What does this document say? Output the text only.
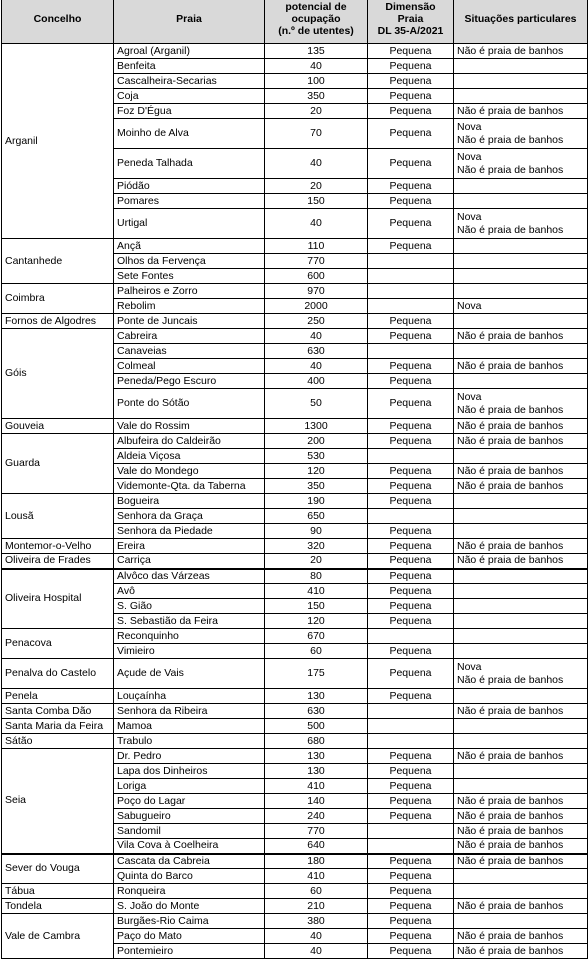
Concelho	Praia	potencial de
ocupação
(n.º de utentes)	Dimensão
Praia
DL 35-A/2021	Situações particulares
Arganil	Agroal (Arganil)	135	Pequena	Não é praia de banhos

	Benfeita	40	Pequena	
	Cascalheira-Secarias	100	Pequena	
	Coja	350	Pequena	
	Foz D'Égua	20	Pequena	Não é praia de banhos

	Moinho de Alva	70	Pequena	Nova
Não é praia de banhos

	Peneda Talhada	40	Pequena	Nova
Não é praia de banhos

	Piódão	20	Pequena	
	Pomares	150	Pequena	
	Urtigal	40	Pequena	Nova
Não é praia de banhos

Cantanhede	Ançã	110	Pequena	
	Olhos da Fervença	770		
	Sete Fontes	600		
Coimbra	Palheiros e Zorro	970		
	Rebolim	2000		Nova

Fornos de Algodres	Ponte de Juncais	250	Pequena	
Góis	Cabreira	40	Pequena	Não é praia de banhos

	Canaveias	630		
	Colmeal	40	Pequena	Não é praia de banhos

	Peneda/Pego Escuro	400	Pequena	
	Ponte do Sótão	50	Pequena	Nova
Não é praia de banhos

Gouveia	Vale do Rossim	1300	Pequena	Não é praia de banhos

Guarda	Albufeira do Caldeirão	200	Pequena	Não é praia de banhos

	Aldeia Viçosa	530		
	Vale do Mondego	120	Pequena	Não é praia de banhos

	Videmonte-Qta. da Taberna	350	Pequena	Não é praia de banhos

Lousã	Bogueira	190	Pequena	
	Senhora da Graça	650		
	Senhora da Piedade	90	Pequena	
Montemor-o-Velho	Ereira	320	Pequena	Não é praia de banhos

Oliveira de Frades	Carriça	20	Pequena	Não é praia de banhos

Oliveira Hospital	Alvôco das Várzeas	80	Pequena	
	Avô	410	Pequena	
	S. Gião	150	Pequena	
	S. Sebastião da Feira	120	Pequena	
Penacova	Reconquinho	670		
	Vimieiro	60	Pequena	
Penalva do Castelo	Açude de Vais	175	Pequena	Nova
Não é praia de banhos

Penela	Louçaínha	130	Pequena	
Santa Comba Dão	Senhora da Ribeira	630		Não é praia de banhos

Santa Maria da Feira	Mamoa	500		
Sátão	Trabulo	680		
Seia	Dr. Pedro	130	Pequena	Não é praia de banhos

	Lapa dos Dinheiros	130	Pequena	
	Loriga	410	Pequena	
	Poço do Lagar	140	Pequena	Não é praia de banhos

	Sabugueiro	240	Pequena	Não é praia de banhos

	Sandomil	770		Não é praia de banhos

	Vila Cova à Coelheira	640		Não é praia de banhos

Sever do Vouga	Cascata da Cabreia	180	Pequena	Não é praia de banhos

	Quinta do Barco	410	Pequena	
Tábua	Ronqueira	60	Pequena	
Tondela	S. João do Monte	210	Pequena	Não é praia de banhos

Vale de Cambra	Burgães-Rio Caima	380	Pequena	
	Paço do Mato	40	Pequena	Não é praia de banhos

	Pontemieiro	40	Pequena	Não é praia de banhos
